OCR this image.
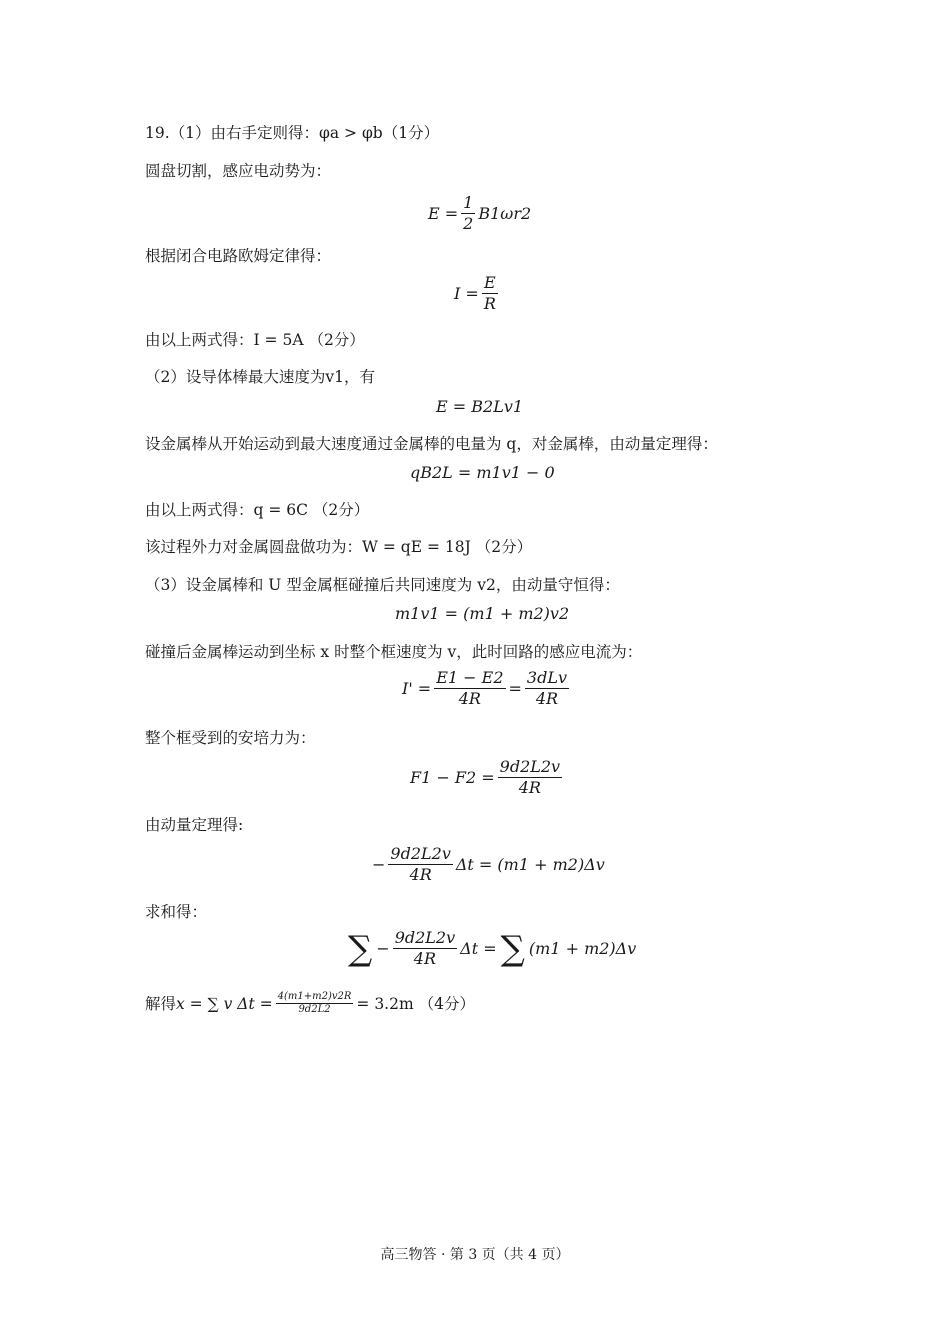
19.（1）由右手定则得：φa > φb（1分）
圆盘切割，感应电动势为：
$E = \frac{1}{2} B1\omega r2$
根据闭合电路欧姆定律得：
$I = \frac{E}{R}$
由以上两式得：I = 5A （2分）
（2）设导体棒最大速度为v1，有
E = B2Lv1
设金属棒从开始运动到最大速度通过金属棒的电量为 q，对金属棒，由动量定理得：
qB2L = m1v1 − 0
由以上两式得：q = 6C （2分）
该过程外力对金属圆盘做功为：W = qE = 18J （2分）
（3）设金属棒和 U 型金属框碰撞后共同速度为 v2，由动量守恒得：
m1v1 = (m1 + m2)v2
碰撞后金属棒运动到坐标 x 时整个框速度为 v，此时回路的感应电流为：
$I' = \frac{E1 - E2}{4R} = \frac{\text{3dLv}}{4R}$
整个框受到的安培力为：
$F1 - F2 = \frac{9d2L2v}{4R}$
由动量定理得:
− $\frac{9d2L2v}{4R}$ Δt = (m1 + m2)Δv
求和得：
∑ − $\frac{9d2L2v}{4R}$ Δt = ∑ (m1 + m2)Δv
解得 x = ∑ v $\Delta t = \frac{4(m1+m2)v2R}{9d2L2} = 3.2m$ （4分）
高三物答 · 第 3 页（共 4 页）
